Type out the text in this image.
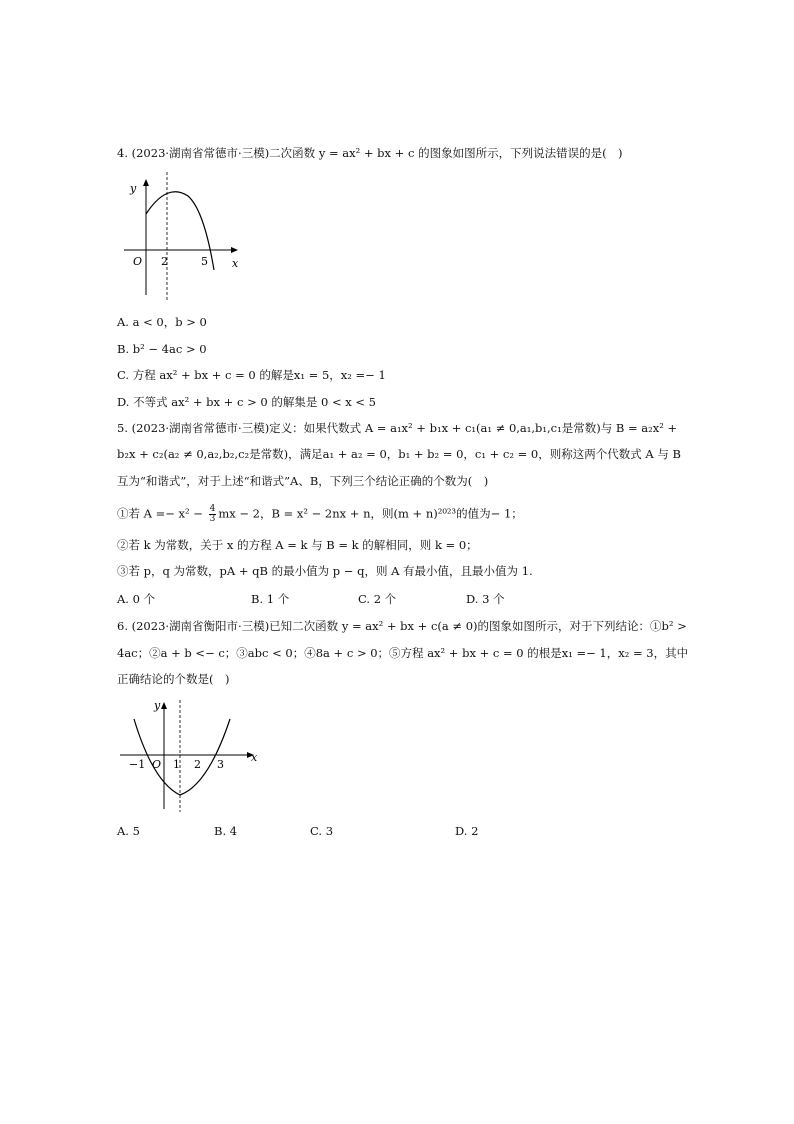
4. (2023·湖南省常德市·三模)二次函数 y = ax² + bx + c 的图象如图所示，下列说法错误的是(　)
y
x
O 2	5
A. a < 0，b > 0
B. b² − 4ac > 0
C. 方程 ax² + bx + c = 0 的解是x₁ = 5，x₂ =− 1
D. 不等式 ax² + bx + c > 0 的解集是 0 < x < 5
5. (2023·湖南省常德市·三模)定义：如果代数式 A = a₁x² + b₁x + c₁(a₁ ≠ 0,a₁,b₁,c₁是常数)与 B = a₂x² +
b₂x + c₂(a₂ ≠ 0,a₂,b₂,c₂是常数)，满足a₁ + a₂ = 0，b₁ + b₂ = 0，c₁ + c₂ = 0，则称这两个代数式 A 与 B
互为“和谐式”，对于上述“和谐式”A、B，下列三个结论正确的个数为(　)
①若 $A =- x^2 - \frac{4}{3}$ mx − 2，B = x² − 2nx + n，则(m + n)²⁰²³的值为− 1；
②若 k 为常数，关于 x 的方程 A = k 与 B = k 的解相同，则 k = 0；
③若 p，q 为常数，pA + qB 的最小值为 p − q，则 A 有最小值，且最小值为 1.
A. 0 个	B. 1 个	C. 2 个	D. 3 个
6. (2023·湖南省衡阳市·三模)已知二次函数 y = ax² + bx + c(a ≠ 0)的图象如图所示，对于下列结论：①b² >
4ac；②a + b <− c；③abc < 0；④8a + c > 0；⑤方程 ax² + bx + c = 0 的根是x₁ =− 1，x₂ = 3，其中
正确结论的个数是(　)
y
x
−1 O 1 2 3
A. 5	B. 4	C. 3	D. 2
